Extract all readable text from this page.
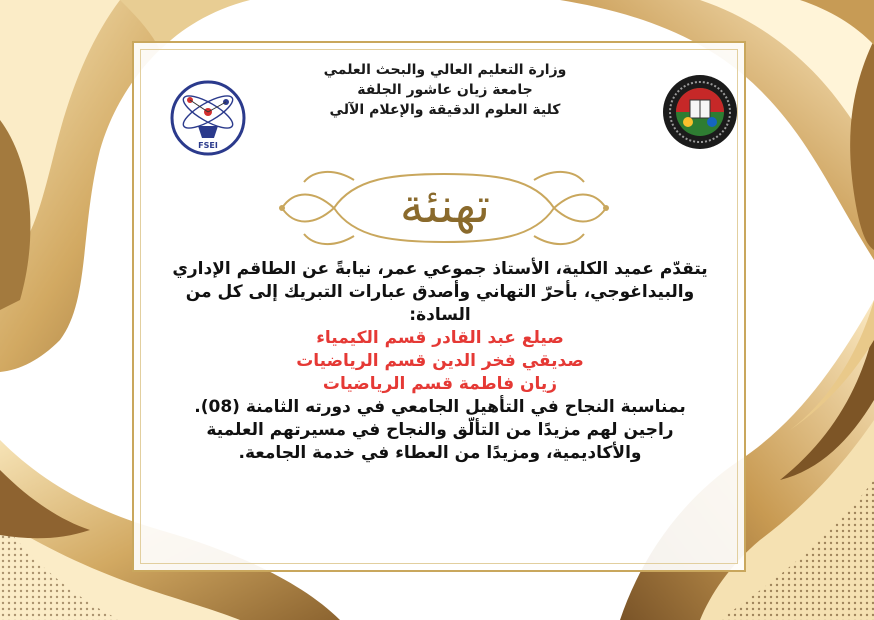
FSEI
وزارة التعليم العالي والبحث العلمي
جامعة زيان عاشور الجلفة
كلية العلوم الدقيقة والإعلام الآلي
تهنئة
يتقدّم عميد الكلية، الأستاذ جموعي عمر، نيابةً عن الطاقم الإداري
والبيداغوجي، بأحرّ التهاني وأصدق عبارات التبريك إلى كل من
السادة:
صيلع عبد القادر قسم الكيمياء
صديقي فخر الدين قسم الرياضيات
زيان فاطمة قسم الرياضيات
بمناسبة النجاح في التأهيل الجامعي في دورته الثامنة (08).
راجين لهم مزيدًا من التألّق والنجاح في مسيرتهم العلمية
والأكاديمية، ومزيدًا من العطاء في خدمة الجامعة.
